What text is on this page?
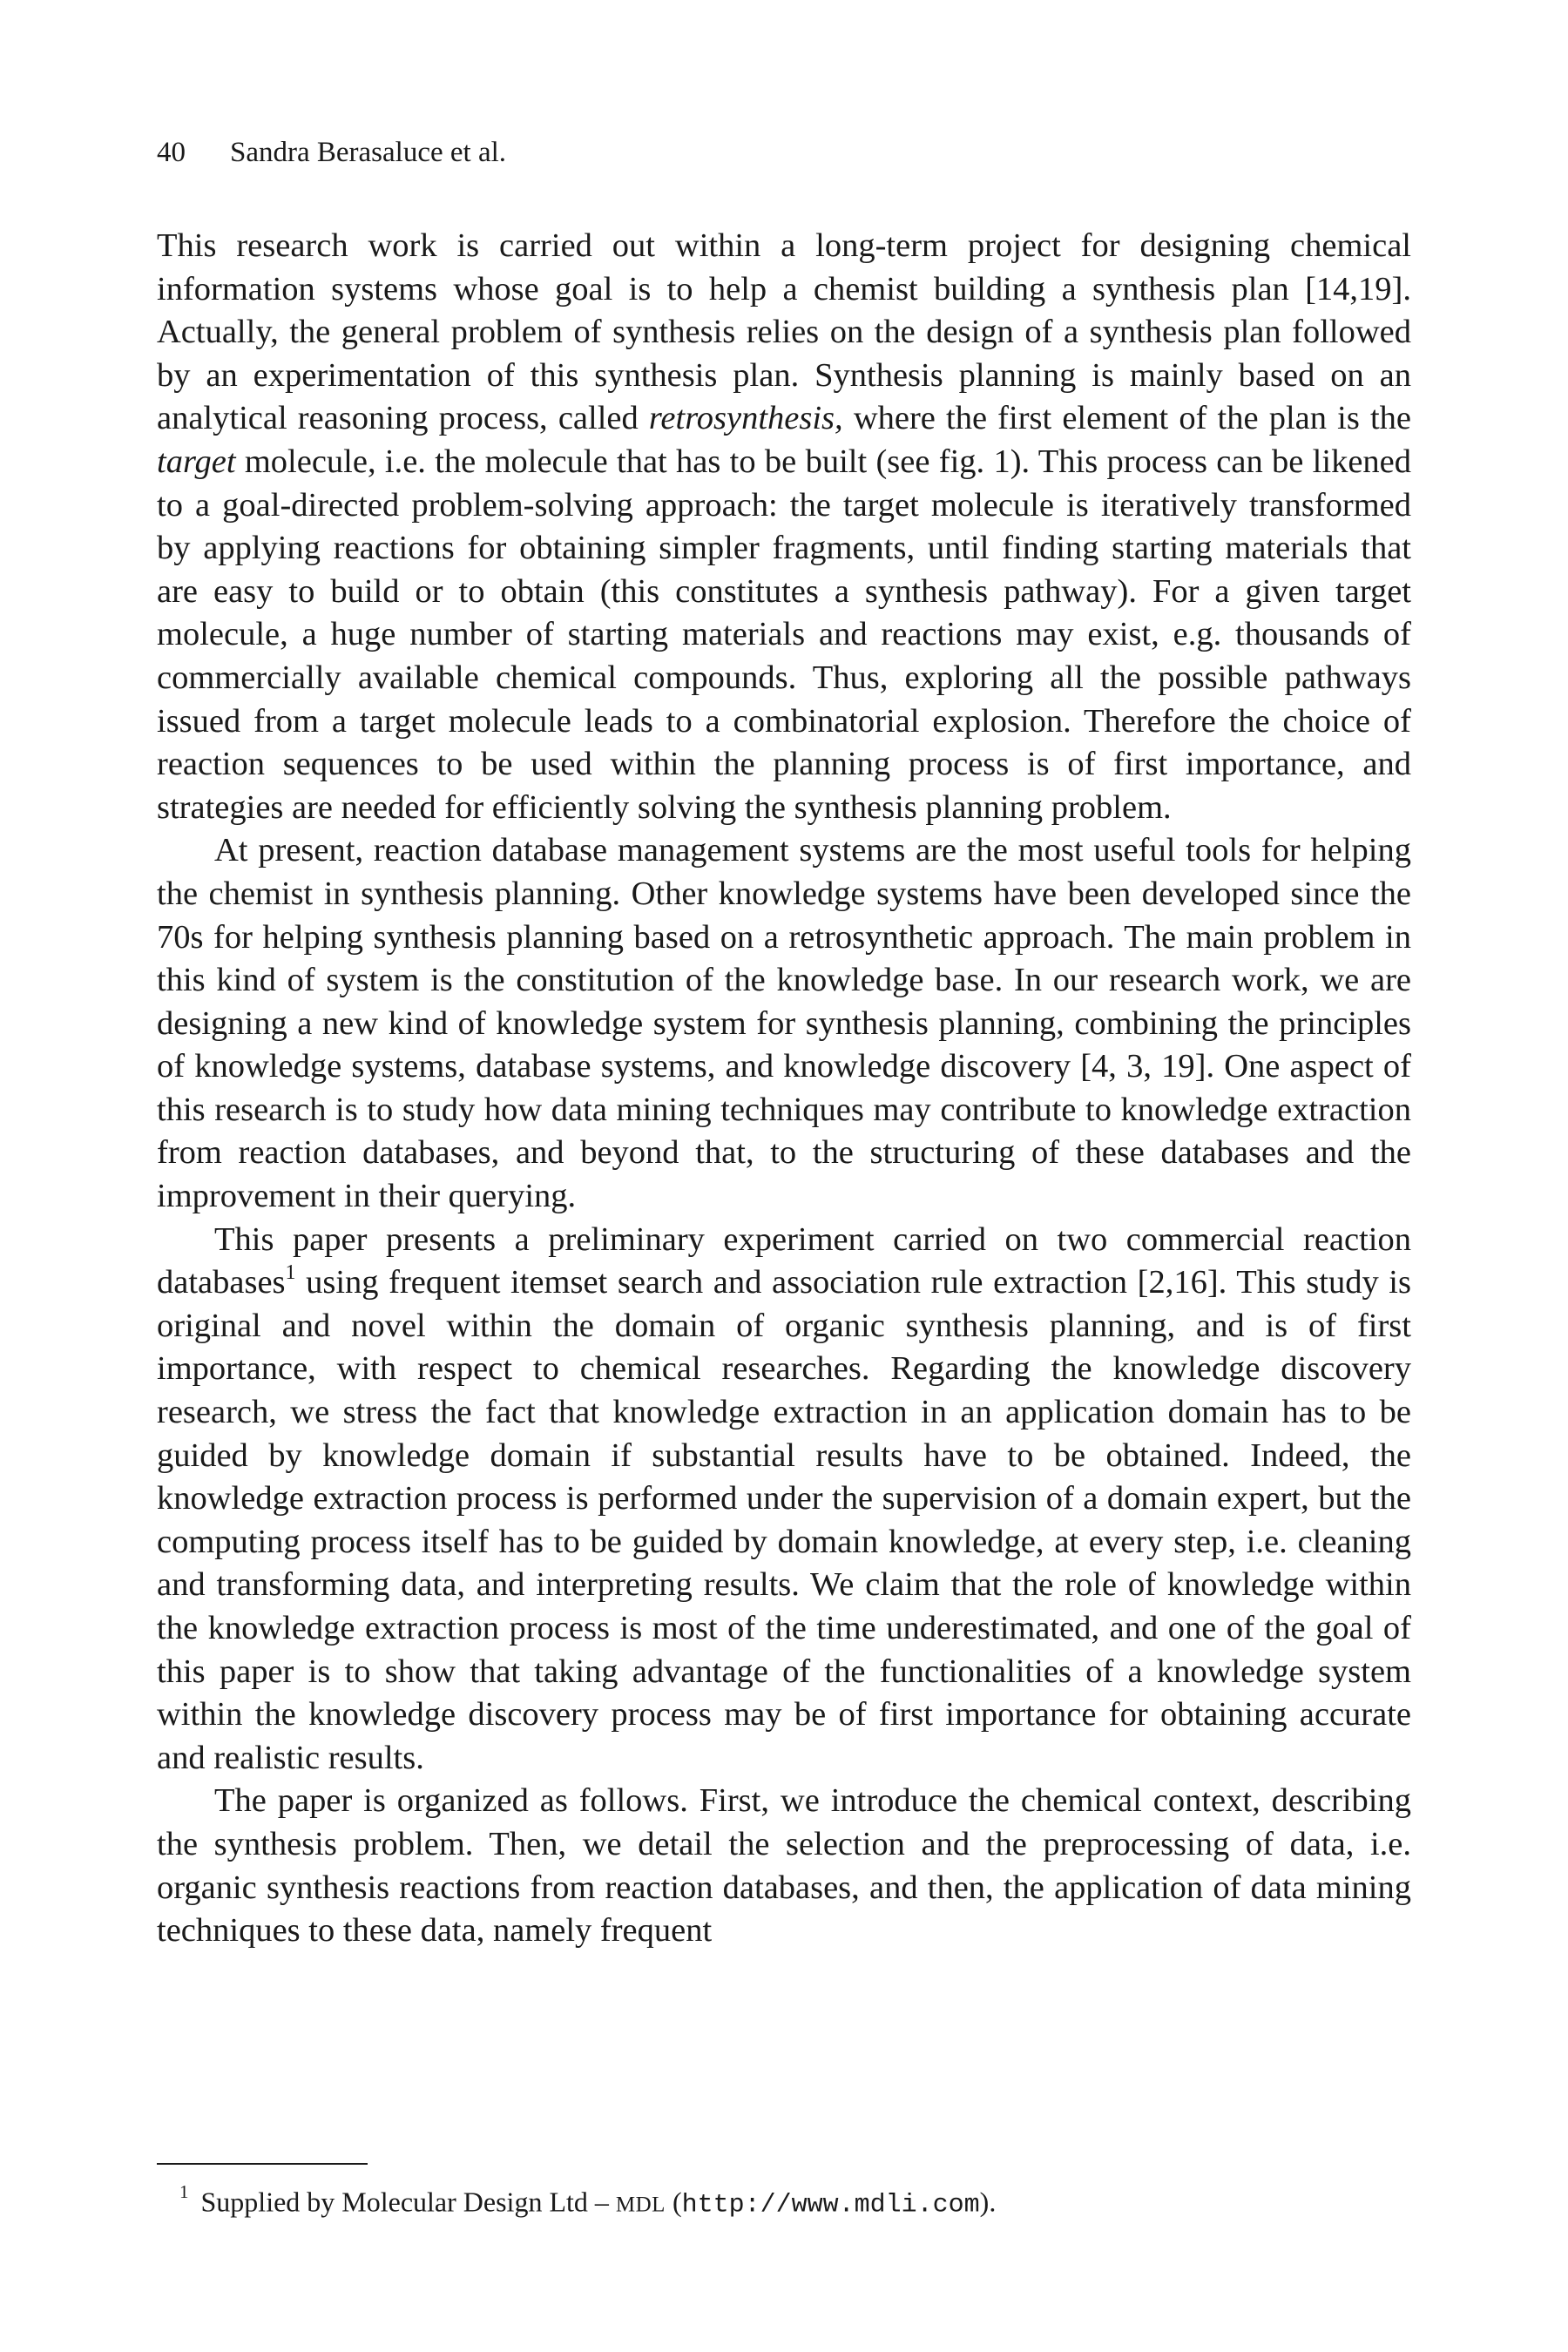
40 Sandra Berasaluce et al.

This research work is carried out within a long-term project for designing chemical information systems whose goal is to help a chemist building a synthesis plan [14,19]. Actually, the general problem of synthesis relies on the design of a synthesis plan followed by an experimentation of this synthesis plan. Synthesis planning is mainly based on an analytical reasoning process, called retrosynthesis, where the first element of the plan is the target molecule, i.e. the molecule that has to be built (see fig. 1). This process can be likened to a goal-directed problem-solving approach: the target molecule is iteratively transformed by applying reactions for obtaining simpler fragments, until finding starting materials that are easy to build or to obtain (this constitutes a synthesis pathway). For a given target molecule, a huge number of starting materials and reactions may exist, e.g. thousands of commercially available chemical compounds. Thus, exploring all the possible pathways issued from a target molecule leads to a combinatorial explosion. Therefore the choice of reaction sequences to be used within the planning process is of first importance, and strategies are needed for efficiently solving the synthesis planning problem.

At present, reaction database management systems are the most useful tools for helping the chemist in synthesis planning. Other knowledge systems have been developed since the 70s for helping synthesis planning based on a retrosynthetic approach. The main problem in this kind of system is the constitution of the knowledge base. In our research work, we are designing a new kind of knowledge system for synthesis planning, combining the principles of knowledge systems, database systems, and knowledge discovery [4, 3, 19]. One aspect of this research is to study how data mining techniques may contribute to knowledge extraction from reaction databases, and beyond that, to the structuring of these databases and the improvement in their querying.

This paper presents a preliminary experiment carried on two commercial reaction databases$^1$ using frequent itemset search and association rule extraction [2,16]. This study is original and novel within the domain of organic synthesis planning, and is of first importance, with respect to chemical researches. Regarding the knowledge discovery research, we stress the fact that knowledge extraction in an application domain has to be guided by knowledge domain if substantial results have to be obtained. Indeed, the knowledge extraction process is performed under the supervision of a domain expert, but the computing process itself has to be guided by domain knowledge, at every step, i.e. cleaning and transforming data, and interpreting results. We claim that the role of knowledge within the knowledge extraction process is most of the time underestimated, and one of the goal of this paper is to show that taking advantage of the functionalities of a knowledge system within the knowledge discovery process may be of first importance for obtaining accurate and realistic results.

The paper is organized as follows. First, we introduce the chemical context, describing the synthesis problem. Then, we detail the selection and the preprocessing of data, i.e. organic synthesis reactions from reaction databases, and then, the application of data mining techniques to these data, namely frequent

$^1$ Supplied by Molecular Design Ltd – MDL (http://www.mdli.com).
